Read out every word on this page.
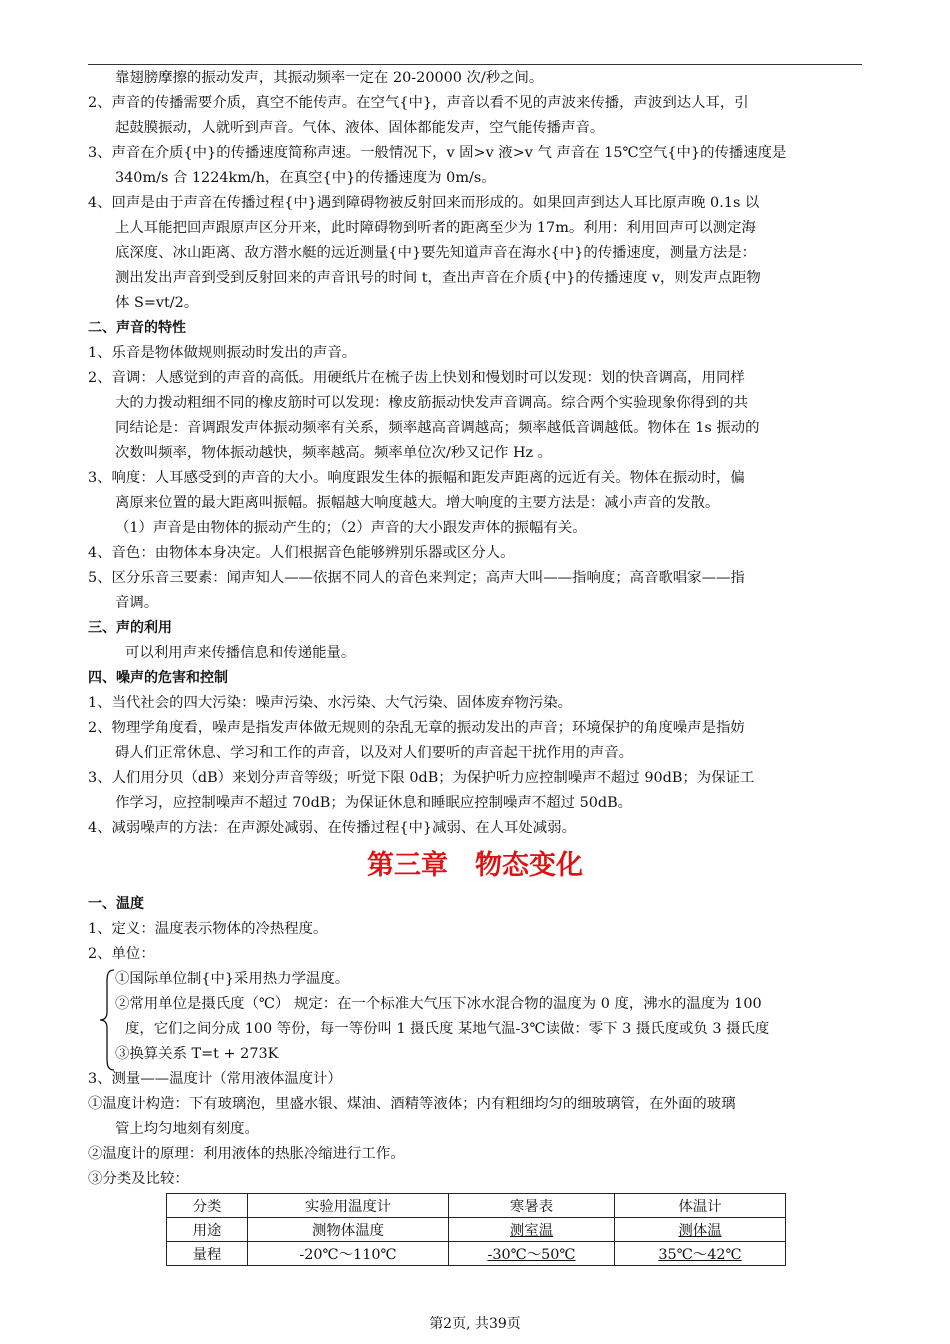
靠翅膀摩擦的振动发声，其振动频率一定在 20-20000 次/秒之间。
2、声音的传播需要介质，真空不能传声。在空气{中}，声音以看不见的声波来传播，声波到达人耳，引
起鼓膜振动，人就听到声音。气体、液体、固体都能发声，空气能传播声音。
3、声音在介质{中}的传播速度简称声速。一般情况下，v 固>v 液>v 气 声音在 15℃空气{中}的传播速度是
340m/s 合 1224km/h，在真空{中}的传播速度为 0m/s。
4、回声是由于声音在传播过程{中}遇到障碍物被反射回来而形成的。如果回声到达人耳比原声晚 0.1s 以
上人耳能把回声跟原声区分开来，此时障碍物到听者的距离至少为 17m。利用：利用回声可以测定海
底深度、冰山距离、敌方潜水艇的远近测量{中}要先知道声音在海水{中}的传播速度，测量方法是：
测出发出声音到受到反射回来的声音讯号的时间 t，查出声音在介质{中}的传播速度 v，则发声点距物
体 S=vt/2。
二、声音的特性
1、乐音是物体做规则振动时发出的声音。
2、音调：人感觉到的声音的高低。用硬纸片在梳子齿上快划和慢划时可以发现：划的快音调高，用同样
大的力拨动粗细不同的橡皮筋时可以发现：橡皮筋振动快发声音调高。综合两个实验现象你得到的共
同结论是：音调跟发声体振动频率有关系，频率越高音调越高；频率越低音调越低。物体在 1s 振动的
次数叫频率，物体振动越快，频率越高。频率单位次/秒又记作 Hz 。
3、响度：人耳感受到的声音的大小。响度跟发生体的振幅和距发声距离的远近有关。物体在振动时，偏
离原来位置的最大距离叫振幅。振幅越大响度越大。增大响度的主要方法是：减小声音的发散。
（1）声音是由物体的振动产生的；（2）声音的大小跟发声体的振幅有关。
4、音色：由物体本身决定。人们根据音色能够辨别乐器或区分人。
5、区分乐音三要素：闻声知人——依据不同人的音色来判定；高声大叫——指响度；高音歌唱家——指
音调。
三、声的利用
可以利用声来传播信息和传递能量。
四、噪声的危害和控制
1、当代社会的四大污染：噪声污染、水污染、大气污染、固体废弃物污染。
2、物理学角度看，噪声是指发声体做无规则的杂乱无章的振动发出的声音；环境保护的角度噪声是指妨
碍人们正常休息、学习和工作的声音，以及对人们要听的声音起干扰作用的声音。
3、人们用分贝（dB）来划分声音等级；听觉下限 0dB；为保护听力应控制噪声不超过 90dB；为保证工
作学习，应控制噪声不超过 70dB；为保证休息和睡眠应控制噪声不超过 50dB。
4、减弱噪声的方法：在声源处减弱、在传播过程{中}减弱、在人耳处减弱。
第三章　物态变化
一、温度
1、定义：温度表示物体的冷热程度。
2、单位：
①国际单位制{中}采用热力学温度。
②常用单位是摄氏度（℃） 规定：在一个标准大气压下冰水混合物的温度为 0 度，沸水的温度为 100
度，它们之间分成 100 等份，每一等份叫 1 摄氏度 某地气温-3℃读做：零下 3 摄氏度或负 3 摄氏度
③换算关系 T=t + 273K
3、测量——温度计（常用液体温度计）
①温度计构造：下有玻璃泡，里盛水银、煤油、酒精等液体；内有粗细均匀的细玻璃管，在外面的玻璃
管上均匀地刻有刻度。
②温度计的原理：利用液体的热胀冷缩进行工作。
③分类及比较：
分类	实验用温度计	寒暑表	体温计
用途	测物体温度	测室温	测体温
量程	-20℃～110℃	-30℃～50℃	35℃～42℃
第2页, 共39页
